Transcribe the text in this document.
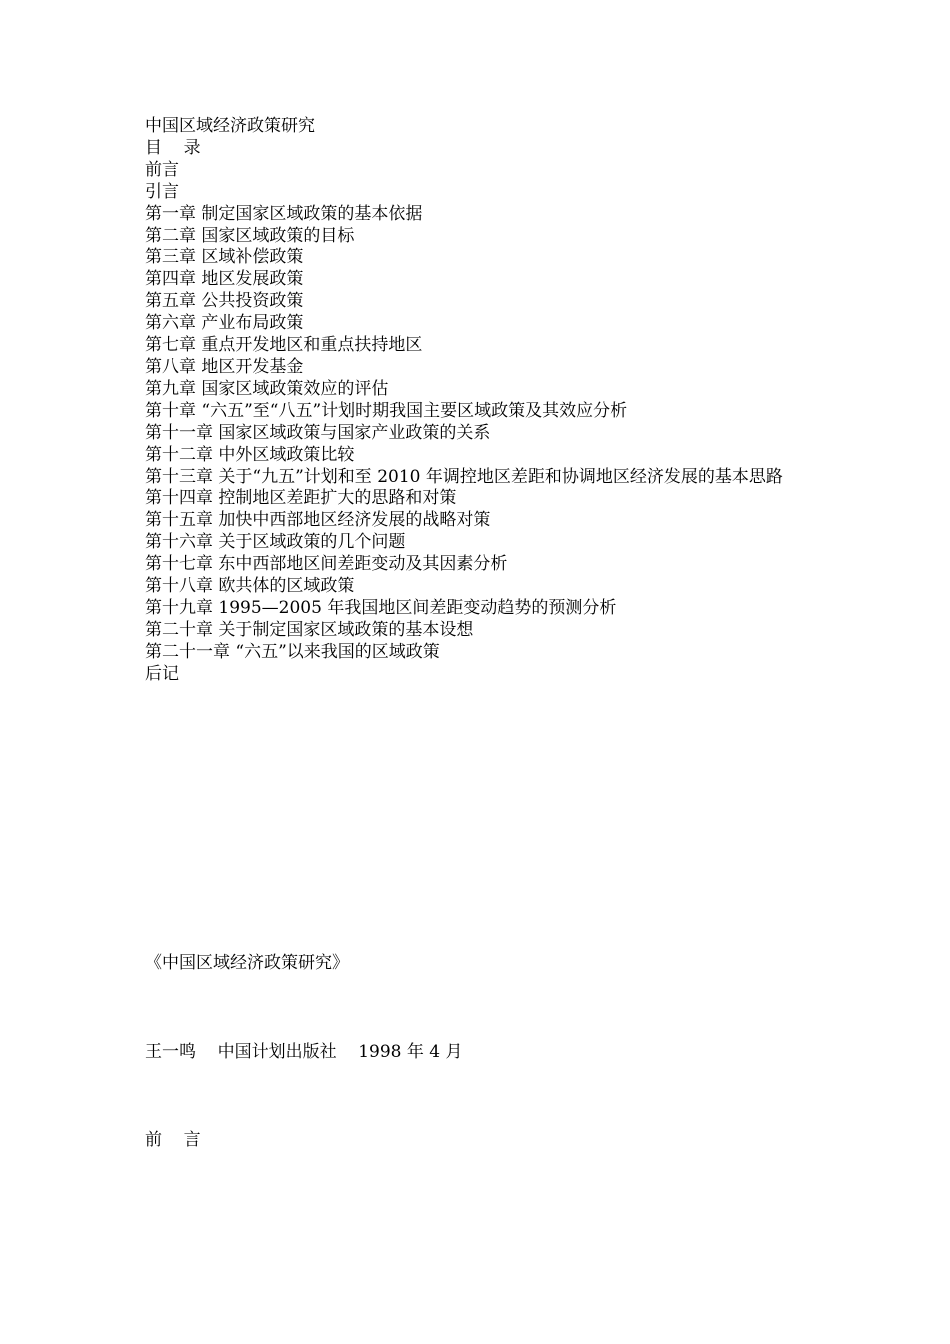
中国区域经济政策研究
目    录
前言
引言
第一章 制定国家区域政策的基本依据
第二章 国家区域政策的目标
第三章 区域补偿政策
第四章 地区发展政策
第五章 公共投资政策
第六章 产业布局政策
第七章 重点开发地区和重点扶持地区
第八章 地区开发基金
第九章 国家区域政策效应的评估
第十章 “六五”至“八五”计划时期我国主要区域政策及其效应分析
第十一章 国家区域政策与国家产业政策的关系
第十二章 中外区域政策比较
第十三章 关于“九五”计划和至 2010 年调控地区差距和协调地区经济发展的基本思路
第十四章 控制地区差距扩大的思路和对策
第十五章 加快中西部地区经济发展的战略对策
第十六章 关于区域政策的几个问题
第十七章 东中西部地区间差距变动及其因素分析
第十八章 欧共体的区域政策
第十九章 1995—2005 年我国地区间差距变动趋势的预测分析
第二十章 关于制定国家区域政策的基本设想
第二十一章 “六五”以来我国的区域政策
后记
《中国区域经济政策研究》
王一鸣    中国计划出版社    1998 年 4 月
前    言
